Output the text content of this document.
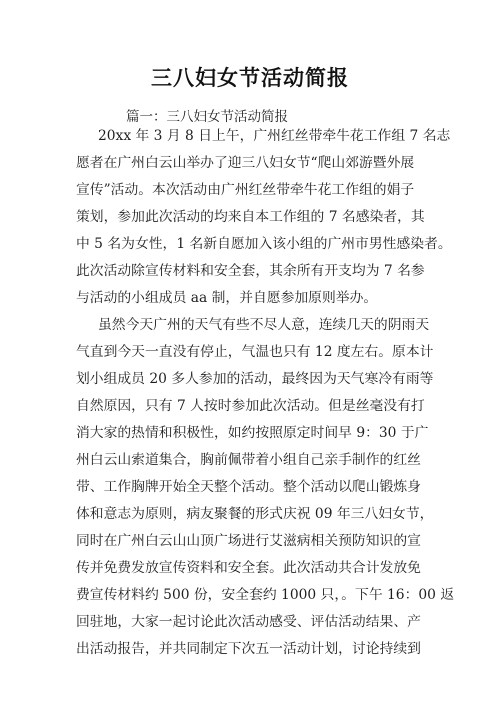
三八妇女节活动简报

篇一：三八妇女节活动简报

20xx 年 3 月 8 日上午，广州红丝带牵牛花工作组 7 名志
愿者在广州白云山举办了迎三八妇女节“爬山郊游暨外展
宣传”活动。本次活动由广州红丝带牵牛花工作组的娟子
策划，参加此次活动的均来自本工作组的 7 名感染者，其
中 5 名为女性，1 名新自愿加入该小组的广州市男性感染者。
此次活动除宣传材料和安全套，其余所有开支均为 7 名参
与活动的小组成员 aa 制，并自愿参加原则举办。
虽然今天广州的天气有些不尽人意，连续几天的阴雨天
气直到今天一直没有停止，气温也只有 12 度左右。原本计
划小组成员 20 多人参加的活动，最终因为天气寒冷有雨等
自然原因，只有 7 人按时参加此次活动。但是丝毫没有打
消大家的热情和积极性，如约按照原定时间早 9：30 于广
州白云山索道集合，胸前佩带着小组自己亲手制作的红丝
带、工作胸牌开始全天整个活动。整个活动以爬山锻炼身
体和意志为原则，病友聚餐的形式庆祝 09 年三八妇女节，
同时在广州白云山山顶广场进行艾滋病相关预防知识的宣
传并免费发放宣传资料和安全套。此次活动共合计发放免
费宣传材料约 500 份，安全套约 1000 只，。下午 16：00 返
回驻地，大家一起讨论此次活动感受、评估活动结果、产
出活动报告，并共同制定下次五一活动计划，讨论持续到
